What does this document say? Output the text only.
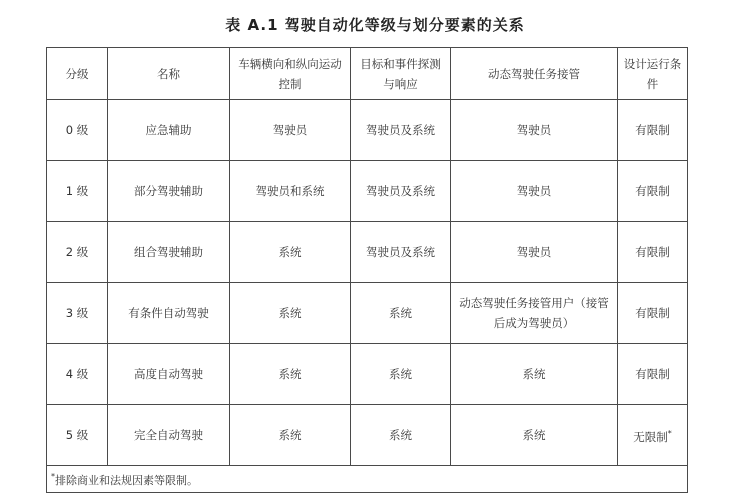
表 A.1 驾驶自动化等级与划分要素的关系
分级	名称	车辆横向和纵向运动控制	目标和事件探测与响应	动态驾驶任务接管	设计运行条件
0 级	应急辅助	驾驶员	驾驶员及系统	驾驶员	有限制
1 级	部分驾驶辅助	驾驶员和系统	驾驶员及系统	驾驶员	有限制
2 级	组合驾驶辅助	系统	驾驶员及系统	驾驶员	有限制
3 级	有条件自动驾驶	系统	系统	动态驾驶任务接管用户（接管后成为驾驶员）	有限制
4 级	高度自动驾驶	系统	系统	系统	有限制
5 级	完全自动驾驶	系统	系统	系统	无限制*
*排除商业和法规因素等限制。					
